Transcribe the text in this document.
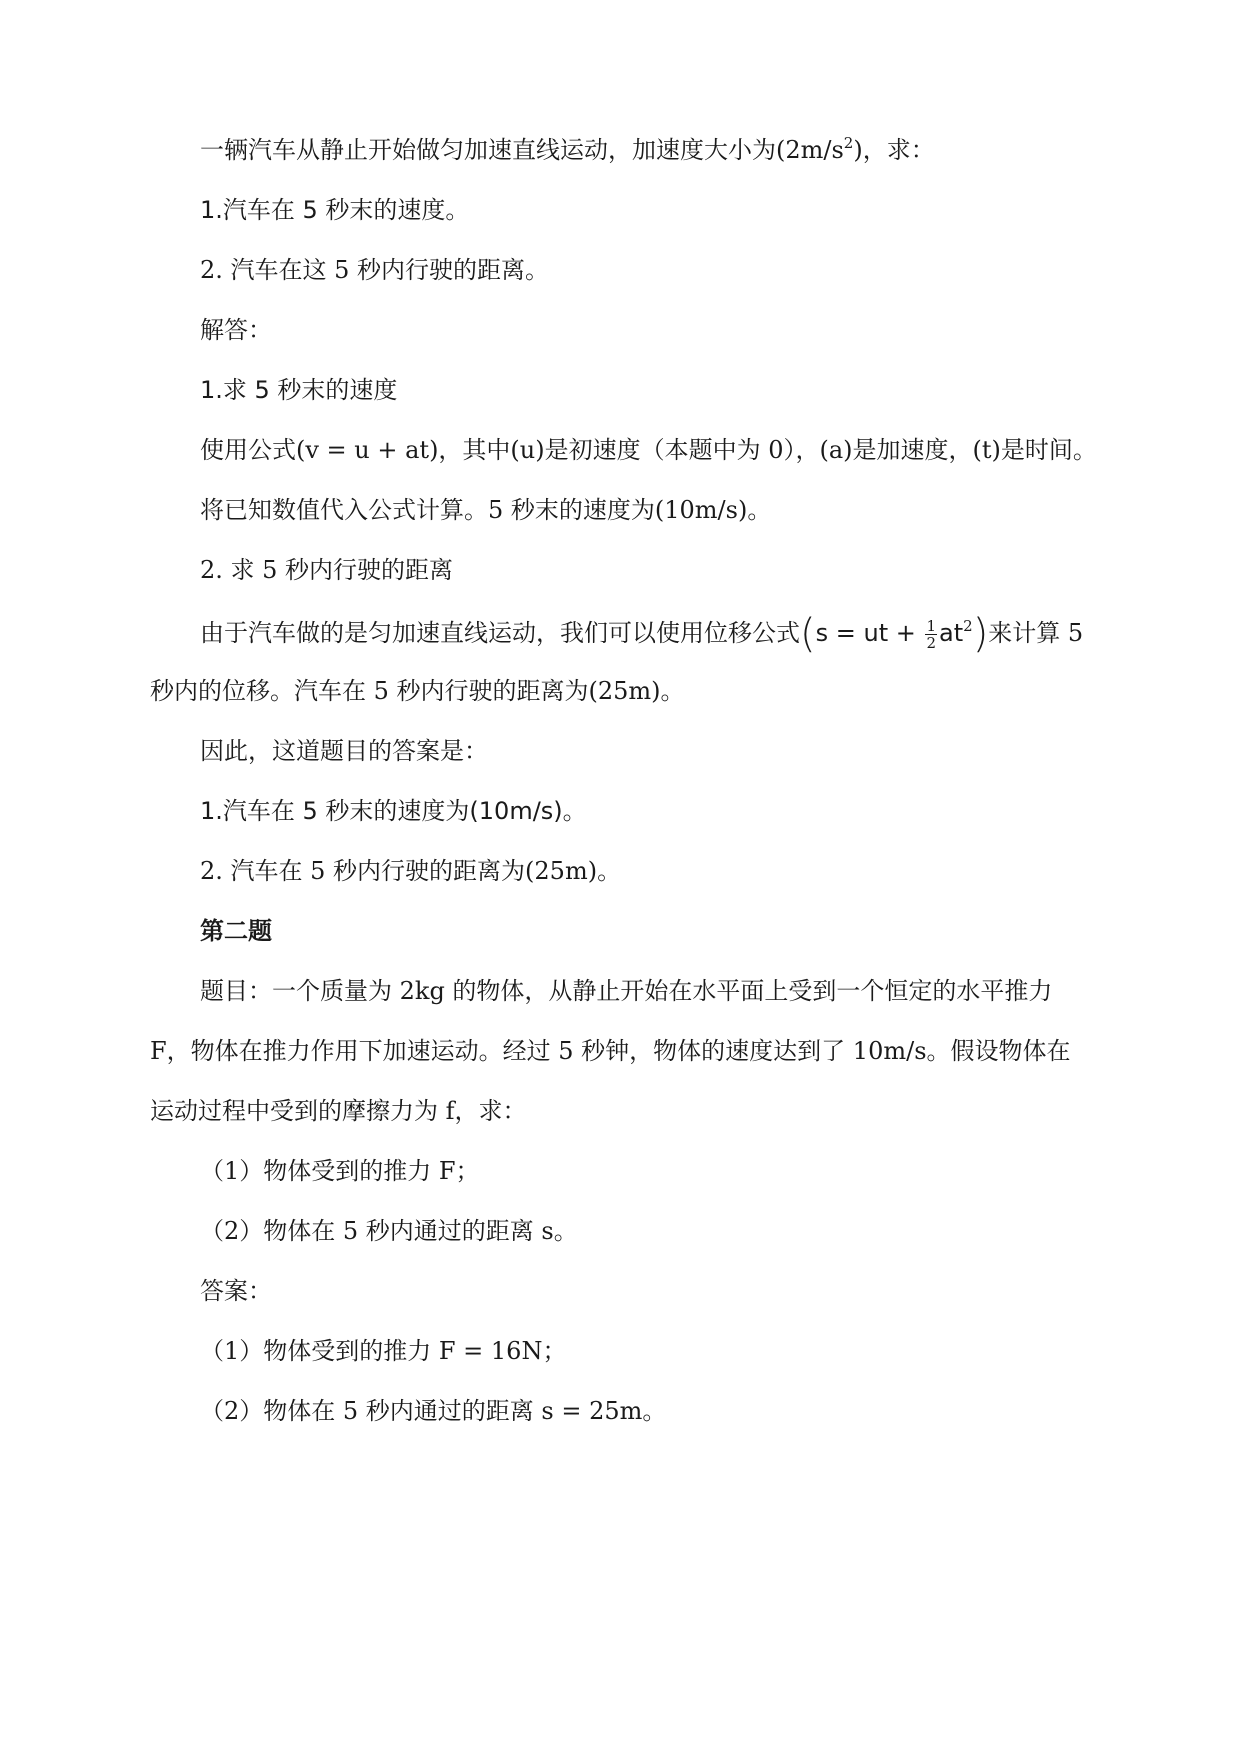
一辆汽车从静止开始做匀加速直线运动，加速度大小为$(2m/s^2)$，求：
1.汽车在 5 秒末的速度。
2. 汽车在这 5 秒内行驶的距离。
解答：
1.求 5 秒末的速度
使用公式(v = u + at)，其中(u)是初速度（本题中为 0），(a)是加速度，(t)是时间。
将已知数值代入公式计算。5 秒末的速度为(10m/s)。
2. 求 5 秒内行驶的距离
由于汽车做的是匀加速直线运动，我们可以使用位移公式(s = ut + $\frac{1}{2} at^2$)来计算 5
秒内的位移。汽车在 5 秒内行驶的距离为(25m)。
因此，这道题目的答案是：
1.汽车在 5 秒末的速度为(10m/s)。
2. 汽车在 5 秒内行驶的距离为(25m)。
第二题
题目：一个质量为 2kg 的物体，从静止开始在水平面上受到一个恒定的水平推力
F，物体在推力作用下加速运动。经过 5 秒钟，物体的速度达到了 10m/s。假设物体在
运动过程中受到的摩擦力为 f，求：
（1）物体受到的推力 F；
（2）物体在 5 秒内通过的距离 s。
答案：
（1）物体受到的推力 F = 16N；
（2）物体在 5 秒内通过的距离 s = 25m。
